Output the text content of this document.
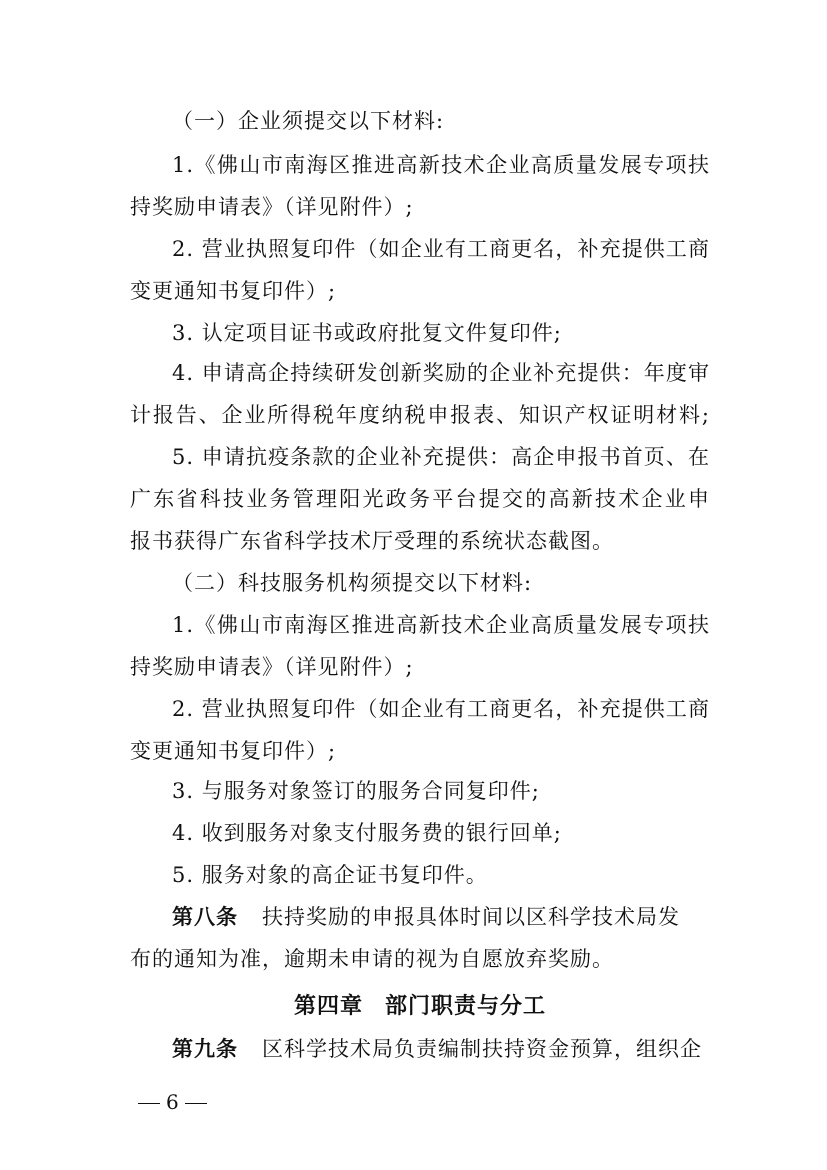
（一）企业须提交以下材料:
1.《佛山市南海区推进高新技术企业高质量发展专项扶
持奖励申请表》（详见附件）;
2. 营业执照复印件（如企业有工商更名，补充提供工商
变更通知书复印件）;
3. 认定项目证书或政府批复文件复印件;
4. 申请高企持续研发创新奖励的企业补充提供：年度审
计报告、企业所得税年度纳税申报表、知识产权证明材料;
5. 申请抗疫条款的企业补充提供：高企申报书首页、在
广东省科技业务管理阳光政务平台提交的高新技术企业申
报书获得广东省科学技术厅受理的系统状态截图。
（二）科技服务机构须提交以下材料:
1.《佛山市南海区推进高新技术企业高质量发展专项扶
持奖励申请表》（详见附件）;
2. 营业执照复印件（如企业有工商更名，补充提供工商
变更通知书复印件）;
3. 与服务对象签订的服务合同复印件;
4. 收到服务对象支付服务费的银行回单;
5. 服务对象的高企证书复印件。
第八条 扶持奖励的申报具体时间以区科学技术局发
布的通知为准，逾期未申请的视为自愿放弃奖励。
第四章 部门职责与分工
第九条 区科学技术局负责编制扶持资金预算，组织企
6
